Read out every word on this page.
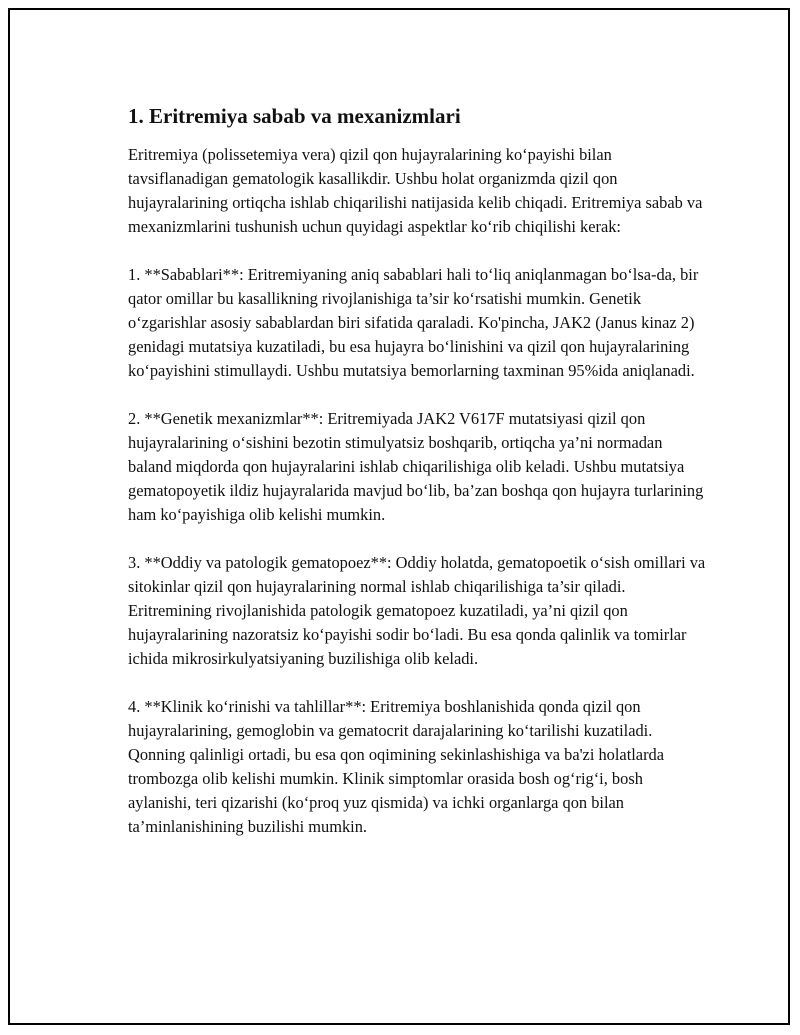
1. Eritremiya sabab va mexanizmlari

Eritremiya (polissetemiya vera) qizil qon hujayralarining ko‘payishi bilan tavsiflanadigan gematologik kasallikdir. Ushbu holat organizmda qizil qon hujayralarining ortiqcha ishlab chiqarilishi natijasida kelib chiqadi. Eritremiya sabab va mexanizmlarini tushunish uchun quyidagi aspektlar ko‘rib chiqilishi kerak:

1. **Sabablari**: Eritremiyaning aniq sabablari hali to‘liq aniqlanmagan bo‘lsa-da, bir qator omillar bu kasallikning rivojlanishiga ta’sir ko‘rsatishi mumkin. Genetik o‘zgarishlar asosiy sabablardan biri sifatida qaraladi. Ko'pincha, JAK2 (Janus kinaz 2) genidagi mutatsiya kuzatiladi, bu esa hujayra bo‘linishini va qizil qon hujayralarining ko‘payishini stimullaydi. Ushbu mutatsiya bemorlarning taxminan 95%ida aniqlanadi.

2. **Genetik mexanizmlar**: Eritremiyada JAK2 V617F mutatsiyasi qizil qon hujayralarining o‘sishini bezotin stimulyatsiz boshqarib, ortiqcha ya’ni normadan baland miqdorda qon hujayralarini ishlab chiqarilishiga olib keladi. Ushbu mutatsiya gematopoyetik ildiz hujayralarida mavjud bo‘lib, ba’zan boshqa qon hujayra turlarining ham ko‘payishiga olib kelishi mumkin.

3. **Oddiy va patologik gematopoez**: Oddiy holatda, gematopoetik o‘sish omillari va sitokinlar qizil qon hujayralarining normal ishlab chiqarilishiga ta’sir qiladi. Eritremining rivojlanishida patologik gematopoez kuzatiladi, ya’ni qizil qon hujayralarining nazoratsiz ko‘payishi sodir bo‘ladi. Bu esa qonda qalinlik va tomirlar ichida mikrosirkulyatsiyaning buzilishiga olib keladi.

4. **Klinik ko‘rinishi va tahlillar**: Eritremiya boshlanishida qonda qizil qon hujayralarining, gemoglobin va gematocrit darajalarining ko‘tarilishi kuzatiladi. Qonning qalinligi ortadi, bu esa qon oqimining sekinlashishiga va ba'zi holatlarda trombozga olib kelishi mumkin. Klinik simptomlar orasida bosh og‘rig‘i, bosh aylanishi, teri qizarishi (ko‘proq yuz qismida) va ichki organlarga qon bilan ta’minlanishining buzilishi mumkin.
